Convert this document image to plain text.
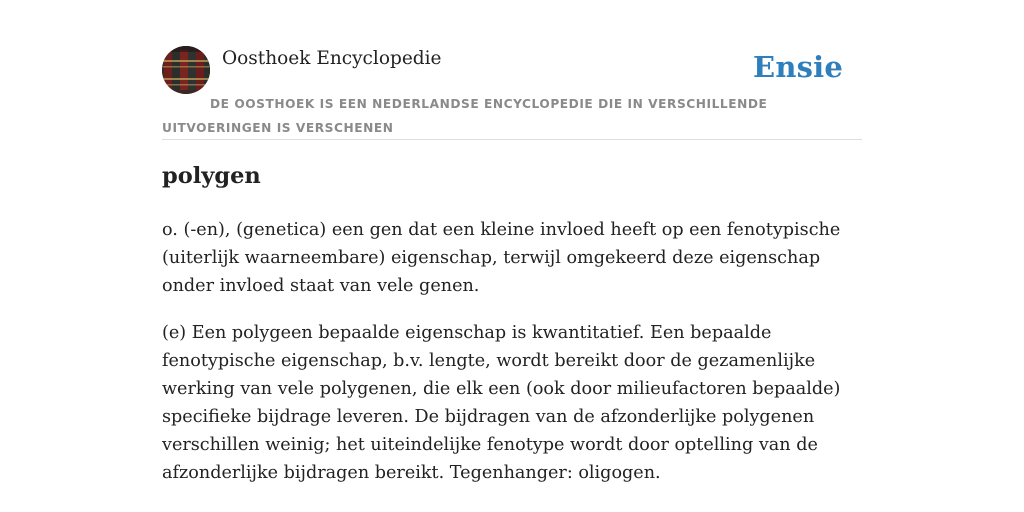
Oosthoek Encyclopedie	Ensie
DE OOSTHOEK IS EEN NEDERLANDSE ENCYCLOPEDIE DIE IN VERSCHILLENDE UITVOERINGEN IS VERSCHENEN
polygen

o. (-en), (genetica) een gen dat een kleine invloed heeft op een fenotypische (uiterlijk waarneembare) eigenschap, terwijl omgekeerd deze eigenschap onder invloed staat van vele genen.

(e) Een polygeen bepaalde eigenschap is kwantitatief. Een bepaalde fenotypische eigenschap, b.v. lengte, wordt bereikt door de gezamenlijke werking van vele polygenen, die elk een (ook door milieufactoren bepaalde) specifieke bijdrage leveren. De bijdragen van de afzonderlijke polygenen verschillen weinig; het uiteindelijke fenotype wordt door optelling van de afzonderlijke bijdragen bereikt. Tegenhanger: oligogen.
